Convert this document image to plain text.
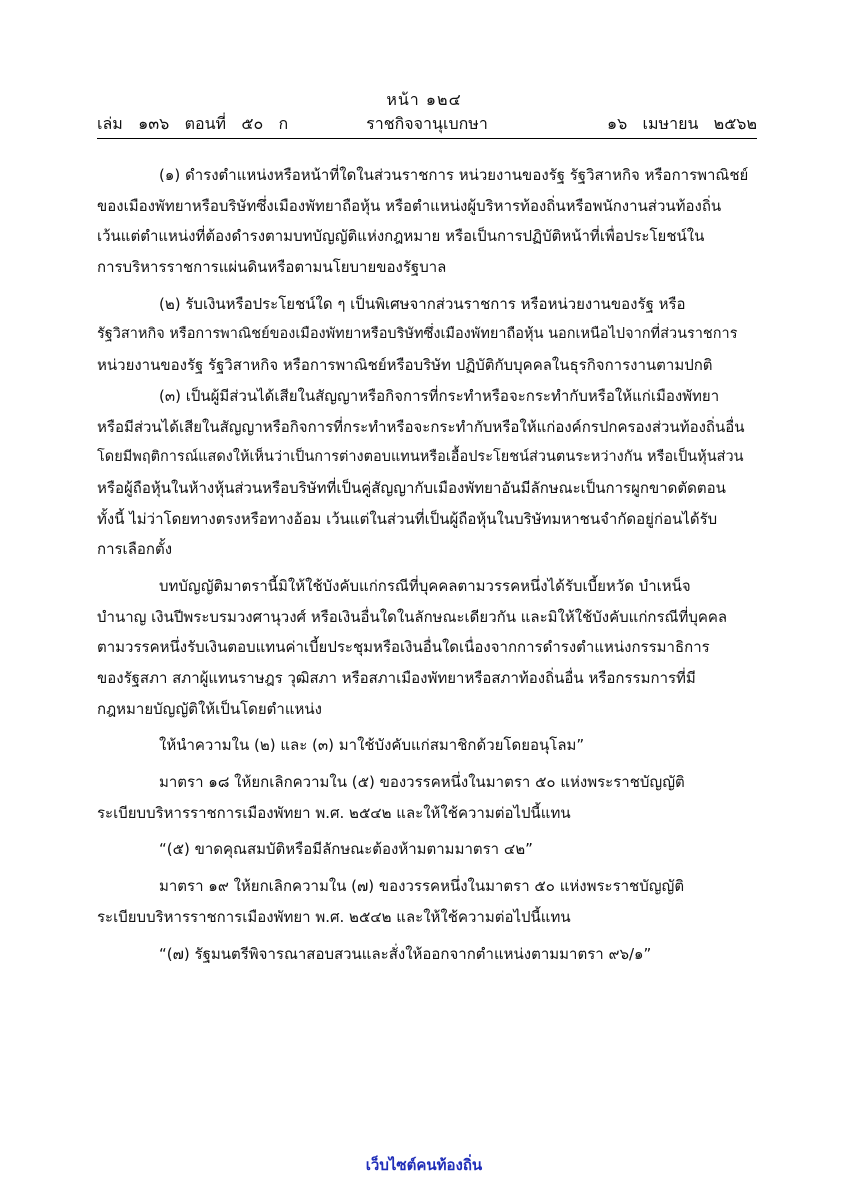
หน้า ๑๒๔
เล่ม   ๑๓๖   ตอนที่   ๕๐   ก	ราชกิจจานุเบกษา	๑๖   เมษายน   ๒๕๖๒
(๑) ดำรงตำแหน่งหรือหน้าที่ใดในส่วนราชการ หน่วยงานของรัฐ รัฐวิสาหกิจ หรือการพาณิชย์
ของเมืองพัทยาหรือบริษัทซึ่งเมืองพัทยาถือหุ้น หรือตำแหน่งผู้บริหารท้องถิ่นหรือพนักงานส่วนท้องถิ่น
เว้นแต่ตำแหน่งที่ต้องดำรงตามบทบัญญัติแห่งกฎหมาย หรือเป็นการปฏิบัติหน้าที่เพื่อประโยชน์ใน
การบริหารราชการแผ่นดินหรือตามนโยบายของรัฐบาล
(๒) รับเงินหรือประโยชน์ใด ๆ เป็นพิเศษจากส่วนราชการ หรือหน่วยงานของรัฐ หรือ
รัฐวิสาหกิจ หรือการพาณิชย์ของเมืองพัทยาหรือบริษัทซึ่งเมืองพัทยาถือหุ้น นอกเหนือไปจากที่ส่วนราชการ
หน่วยงานของรัฐ รัฐวิสาหกิจ หรือการพาณิชย์หรือบริษัท ปฏิบัติกับบุคคลในธุรกิจการงานตามปกติ
(๓) เป็นผู้มีส่วนได้เสียในสัญญาหรือกิจการที่กระทำหรือจะกระทำกับหรือให้แก่เมืองพัทยา
หรือมีส่วนได้เสียในสัญญาหรือกิจการที่กระทำหรือจะกระทำกับหรือให้แก่องค์กรปกครองส่วนท้องถิ่นอื่น
โดยมีพฤติการณ์แสดงให้เห็นว่าเป็นการต่างตอบแทนหรือเอื้อประโยชน์ส่วนตนระหว่างกัน หรือเป็นหุ้นส่วน
หรือผู้ถือหุ้นในห้างหุ้นส่วนหรือบริษัทที่เป็นคู่สัญญากับเมืองพัทยาอันมีลักษณะเป็นการผูกขาดตัดตอน
ทั้งนี้ ไม่ว่าโดยทางตรงหรือทางอ้อม เว้นแต่ในส่วนที่เป็นผู้ถือหุ้นในบริษัทมหาชนจำกัดอยู่ก่อนได้รับ
การเลือกตั้ง
บทบัญญัติมาตรานี้มิให้ใช้บังคับแก่กรณีที่บุคคลตามวรรคหนึ่งได้รับเบี้ยหวัด บำเหน็จ
บำนาญ เงินปีพระบรมวงศานุวงศ์ หรือเงินอื่นใดในลักษณะเดียวกัน และมิให้ใช้บังคับแก่กรณีที่บุคคล
ตามวรรคหนึ่งรับเงินตอบแทนค่าเบี้ยประชุมหรือเงินอื่นใดเนื่องจากการดำรงตำแหน่งกรรมาธิการ
ของรัฐสภา สภาผู้แทนราษฎร วุฒิสภา หรือสภาเมืองพัทยาหรือสภาท้องถิ่นอื่น หรือกรรมการที่มี
กฎหมายบัญญัติให้เป็นโดยตำแหน่ง
ให้นำความใน (๒) และ (๓) มาใช้บังคับแก่สมาชิกด้วยโดยอนุโลม”
มาตรา ๑๘ ให้ยกเลิกความใน (๕) ของวรรคหนึ่งในมาตรา ๕๐ แห่งพระราชบัญญัติ
ระเบียบบริหารราชการเมืองพัทยา พ.ศ. ๒๕๔๒ และให้ใช้ความต่อไปนี้แทน
“(๕) ขาดคุณสมบัติหรือมีลักษณะต้องห้ามตามมาตรา ๔๒”
มาตรา ๑๙ ให้ยกเลิกความใน (๗) ของวรรคหนึ่งในมาตรา ๕๐ แห่งพระราชบัญญัติ
ระเบียบบริหารราชการเมืองพัทยา พ.ศ. ๒๕๔๒ และให้ใช้ความต่อไปนี้แทน
“(๗) รัฐมนตรีพิจารณาสอบสวนและสั่งให้ออกจากตำแหน่งตามมาตรา ๙๖/๑”
เว็บไซต์คนท้องถิ่น
